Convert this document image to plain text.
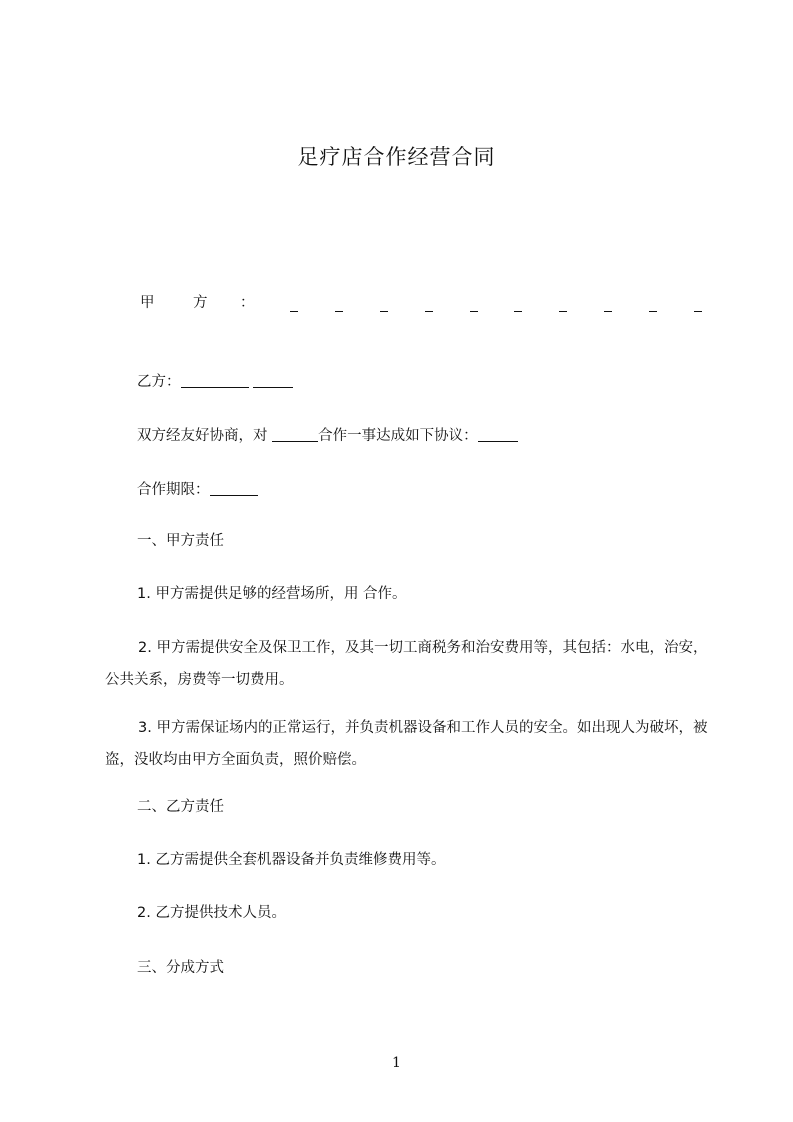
足疗店合作经营合同
甲	方 ：
乙方：
双方经友好协商，对	合作一事达成如下协议：
合作期限：
一、甲方责任
1. 甲方需提供足够的经营场所，用 合作。
2. 甲方需提供安全及保卫工作，及其一切工商税务和治安费用等，其包括：水电，治安，公共关系，房费等一切费用。
3. 甲方需保证场内的正常运行，并负责机器设备和工作人员的安全。如出现人为破坏，被盗，没收均由甲方全面负责，照价赔偿。
二、乙方责任
1. 乙方需提供全套机器设备并负责维修费用等。
2. 乙方提供技术人员。
三、分成方式
1
